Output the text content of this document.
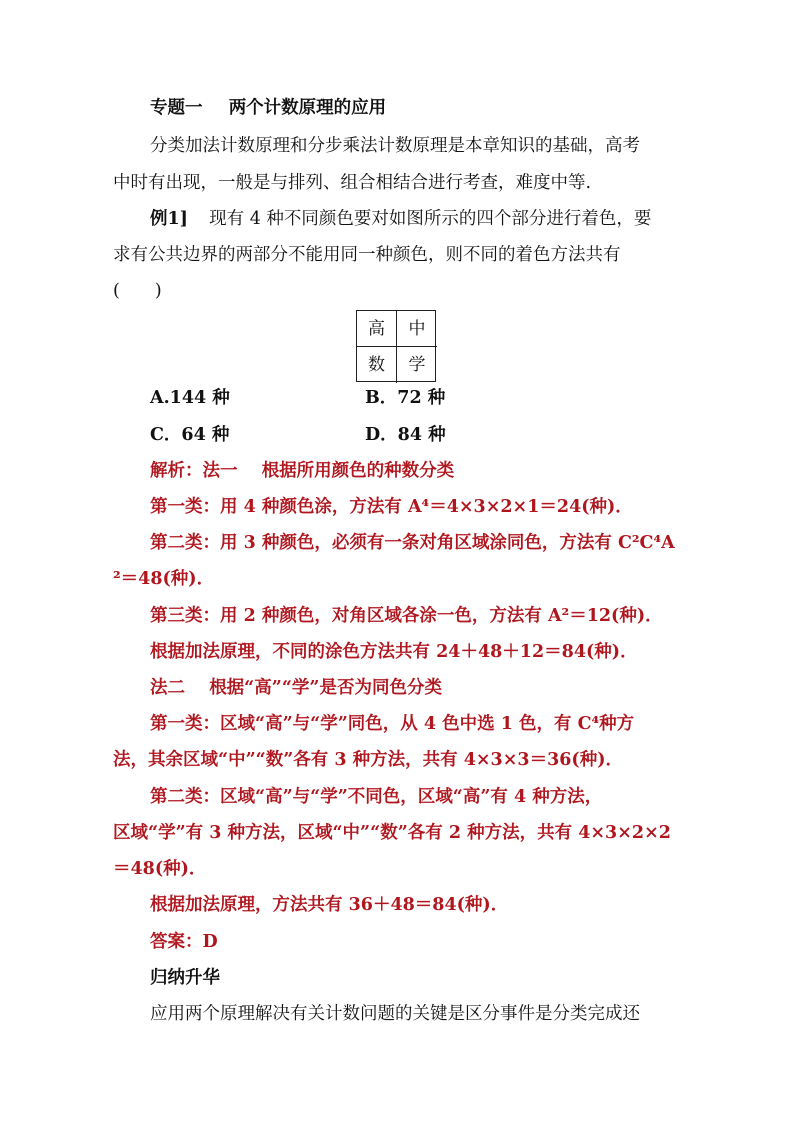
专题一 两个计数原理的应用
分类加法计数原理和分步乘法计数原理是本章知识的基础，高考
中时有出现，一般是与排列、组合相结合进行考查，难度中等.
例1] 现有 4 种不同颜色要对如图所示的四个部分进行着色，要
求有公共边界的两部分不能用同一种颜色，则不同的着色方法共有
(　　)
高	中
数	学
A.144 种	B．72 种
C．64 种	D．84 种
解析：法一 根据所用颜色的种数分类
第一类：用 4 种颜色涂，方法有 A⁴＝4×3×2×1＝24(种)．
第二类：用 3 种颜色，必须有一条对角区域涂同色，方法有 C²C⁴A
²＝48(种)．
第三类：用 2 种颜色，对角区域各涂一色，方法有 A²＝12(种)．
根据加法原理，不同的涂色方法共有 24＋48＋12＝84(种)．
法二 根据“高”“学”是否为同色分类
第一类：区域“高”与“学”同色，从 4 色中选 1 色，有 C⁴种方
法，其余区域“中”“数”各有 3 种方法，共有 4×3×3＝36(种)．
第二类：区域“高”与“学”不同色，区域“高”有 4 种方法，
区域“学”有 3 种方法，区域“中”“数”各有 2 种方法，共有 4×3×2×2
＝48(种)．
根据加法原理，方法共有 36＋48＝84(种)．
答案：D
归纳升华
应用两个原理解决有关计数问题的关键是区分事件是分类完成还
